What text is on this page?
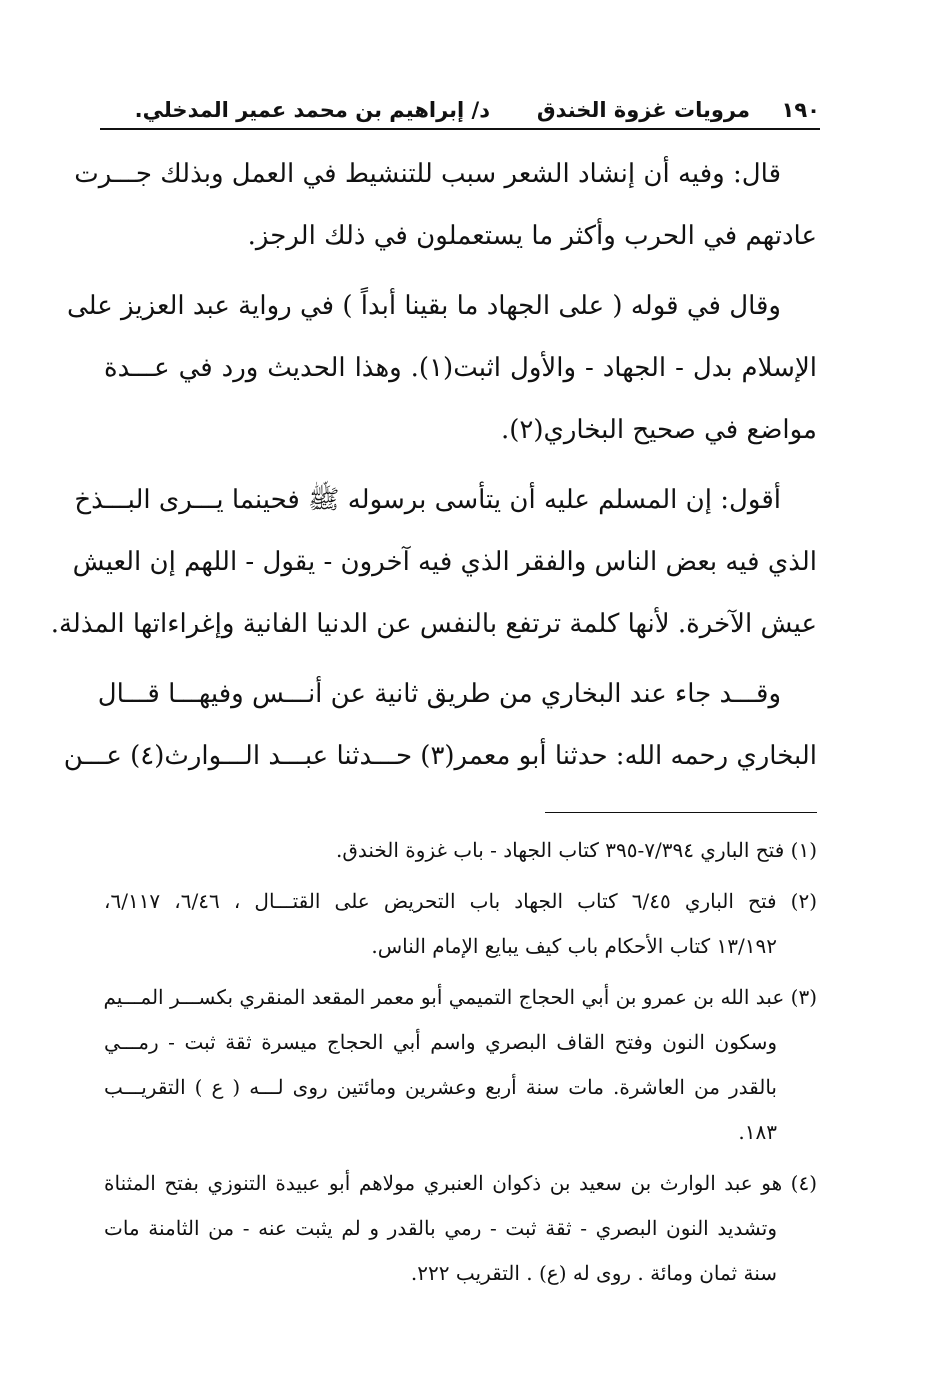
١٩٠
مرويات غزوة الخندق
د/ إبراهيم بن محمد عمير المدخلي.

قال: وفيه أن إنشاد الشعر سبب للتنشيط في العمل وبذلك جـــرت
عادتهم في الحرب وأكثر ما يستعملون في ذلك الرجز.

وقال في قوله ( على الجهاد ما بقينا أبداً ) في رواية عبد العزيز على
الإسلام بدل - الجهاد - والأول اثبت(١). وهذا الحديث ورد في عـــدة
مواضع في صحيح البخاري(٢).

أقول: إن المسلم عليه أن يتأسى برسوله ﷺ فحينما يـــرى البـــذخ
الذي فيه بعض الناس والفقر الذي فيه آخرون - يقول - اللهم إن العيش
عيش الآخرة. لأنها كلمة ترتفع بالنفس عن الدنيا الفانية وإغراءاتها المذلة.

وقـــد جاء عند البخاري من طريق ثانية عن أنـــس وفيهـــا قـــال
البخاري رحمه الله: حدثنا أبو معمر(٣) حـــدثنا عبـــد الـــوارث(٤) عـــن

(١) فتح الباري ٧/٣٩٤-٣٩٥ كتاب الجهاد - باب غزوة الخندق.

(٢) فتح الباري ٦/٤٥ كتاب الجهاد باب التحريض على القتـــال ، ٦/٤٦، ٦/١١٧،
١٣/١٩٢ كتاب الأحكام باب كيف يبايع الإمام الناس.

(٣) عبد الله بن عمرو بن أبي الحجاج التميمي أبو معمر المقعد المنقري بكســـر المـــيم
وسكون النون وفتح القاف البصري واسم أبي الحجاج ميسرة ثقة ثبت - رمـــي
بالقدر من العاشرة. مات سنة أربع وعشرين ومائتين روى لـــه ( ع ) التقريـــب
١٨٣.

(٤) هو عبد الوارث بن سعيد بن ذكوان العنبري مولاهم أبو عبيدة التنوزي بفتح المثناة
وتشديد النون البصري - ثقة ثبت - رمي بالقدر و لم يثبت عنه - من الثامنة مات
سنة ثمان ومائة . روى له (ع) . التقريب ٢٢٢.
